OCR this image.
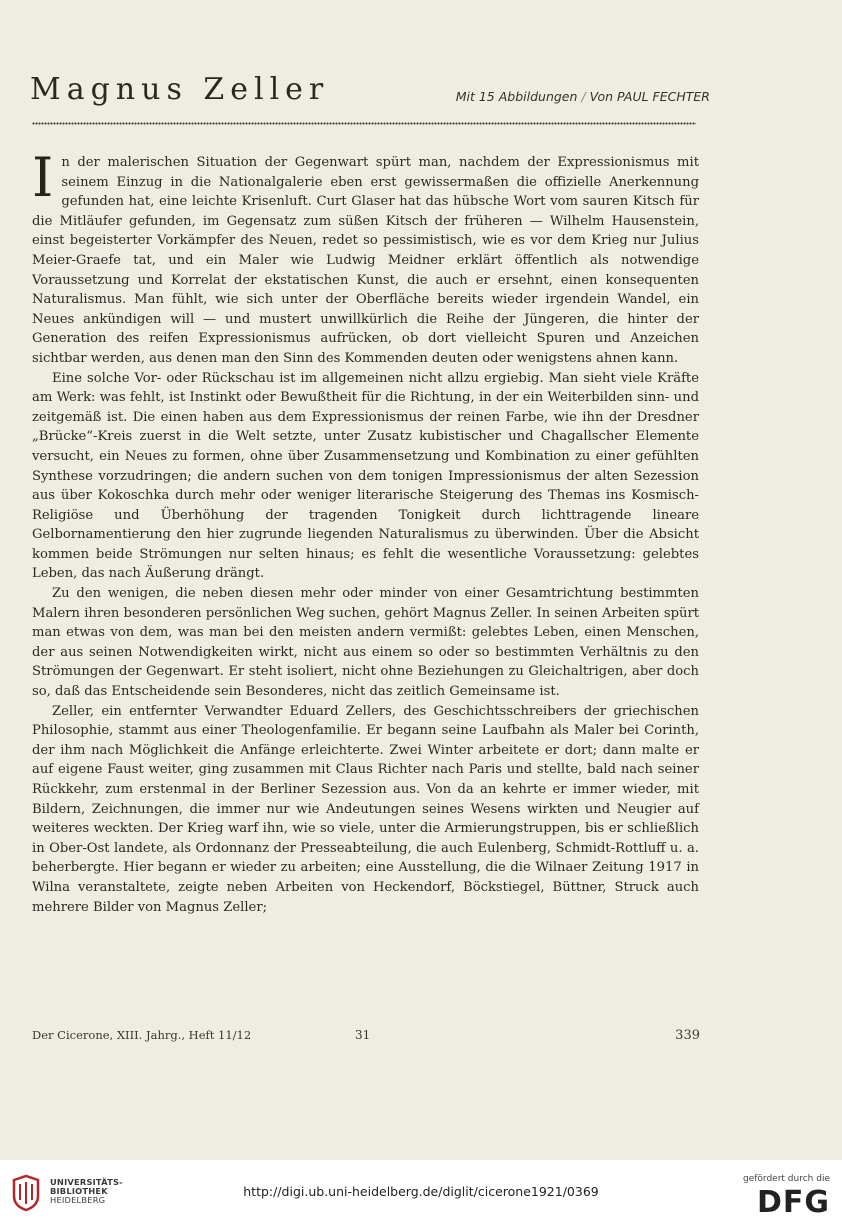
Magnus Zeller	Mit 15 Abbildungen / Von PAUL FECHTER

In der malerischen Situation der Gegenwart spürt man, nachdem der Expressionismus mit seinem Einzug in die Nationalgalerie eben erst gewissermaßen die offizielle Anerkennung gefunden hat, eine leichte Krisenluft. Curt Glaser hat das hübsche Wort vom sauren Kitsch für die Mitläufer gefunden, im Gegensatz zum süßen Kitsch der früheren — Wilhelm Hausenstein, einst begeisterter Vorkämpfer des Neuen, redet so pessimistisch, wie es vor dem Krieg nur Julius Meier-Graefe tat, und ein Maler wie Ludwig Meidner erklärt öffentlich als notwendige Voraussetzung und Korrelat der ekstatischen Kunst, die auch er ersehnt, einen konsequenten Naturalismus. Man fühlt, wie sich unter der Oberfläche bereits wieder irgendein Wandel, ein Neues ankündigen will — und mustert unwillkürlich die Reihe der Jüngeren, die hinter der Generation des reifen Expressionismus aufrücken, ob dort vielleicht Spuren und Anzeichen sichtbar werden, aus denen man den Sinn des Kommenden deuten oder wenigstens ahnen kann.

Eine solche Vor- oder Rückschau ist im allgemeinen nicht allzu ergiebig. Man sieht viele Kräfte am Werk: was fehlt, ist Instinkt oder Bewußtheit für die Richtung, in der ein Weiterbilden sinn- und zeitgemäß ist. Die einen haben aus dem Expressionismus der reinen Farbe, wie ihn der Dresdner „Brücke“-Kreis zuerst in die Welt setzte, unter Zusatz kubistischer und Chagallscher Elemente versucht, ein Neues zu formen, ohne über Zusammensetzung und Kombination zu einer gefühlten Synthese vorzudringen; die andern suchen von dem tonigen Impressionismus der alten Sezession aus über Kokoschka durch mehr oder weniger literarische Steigerung des Themas ins Kosmisch-Religiöse und Überhöhung der tragenden Tonigkeit durch lichttragende lineare Gelbornamentierung den hier zugrunde liegenden Naturalismus zu überwinden. Über die Absicht kommen beide Strömungen nur selten hinaus; es fehlt die wesentliche Voraussetzung: gelebtes Leben, das nach Äußerung drängt.

Zu den wenigen, die neben diesen mehr oder minder von einer Gesamtrichtung bestimmten Malern ihren besonderen persönlichen Weg suchen, gehört Magnus Zeller. In seinen Arbeiten spürt man etwas von dem, was man bei den meisten andern vermißt: gelebtes Leben, einen Menschen, der aus seinen Notwendigkeiten wirkt, nicht aus einem so oder so bestimmten Verhältnis zu den Strömungen der Gegenwart. Er steht isoliert, nicht ohne Beziehungen zu Gleichaltrigen, aber doch so, daß das Entscheidende sein Besonderes, nicht das zeitlich Gemeinsame ist.

Zeller, ein entfernter Verwandter Eduard Zellers, des Geschichtsschreibers der griechischen Philosophie, stammt aus einer Theologenfamilie. Er begann seine Laufbahn als Maler bei Corinth, der ihm nach Möglichkeit die Anfänge erleichterte. Zwei Winter arbeitete er dort; dann malte er auf eigene Faust weiter, ging zusammen mit Claus Richter nach Paris und stellte, bald nach seiner Rückkehr, zum erstenmal in der Berliner Sezession aus. Von da an kehrte er immer wieder, mit Bildern, Zeichnungen, die immer nur wie Andeutungen seines Wesens wirkten und Neugier auf weiteres weckten. Der Krieg warf ihn, wie so viele, unter die Armierungstruppen, bis er schließlich in Ober-Ost landete, als Ordonnanz der Presseabteilung, die auch Eulenberg, Schmidt-Rottluff u. a. beherbergte. Hier begann er wieder zu arbeiten; eine Ausstellung, die die Wilnaer Zeitung 1917 in Wilna veranstaltete, zeigte neben Arbeiten von Heckendorf, Böckstiegel, Büttner, Struck auch mehrere Bilder von Magnus Zeller;

Der Cicerone, XIII. Jahrg., Heft 11/12	31	339
UNIVERSITÄTS-
BIBLIOTHEK
HEIDELBERG
http://digi.ub.uni-heidelberg.de/diglit/cicerone1921/0369
gefördert durch die
DFG
